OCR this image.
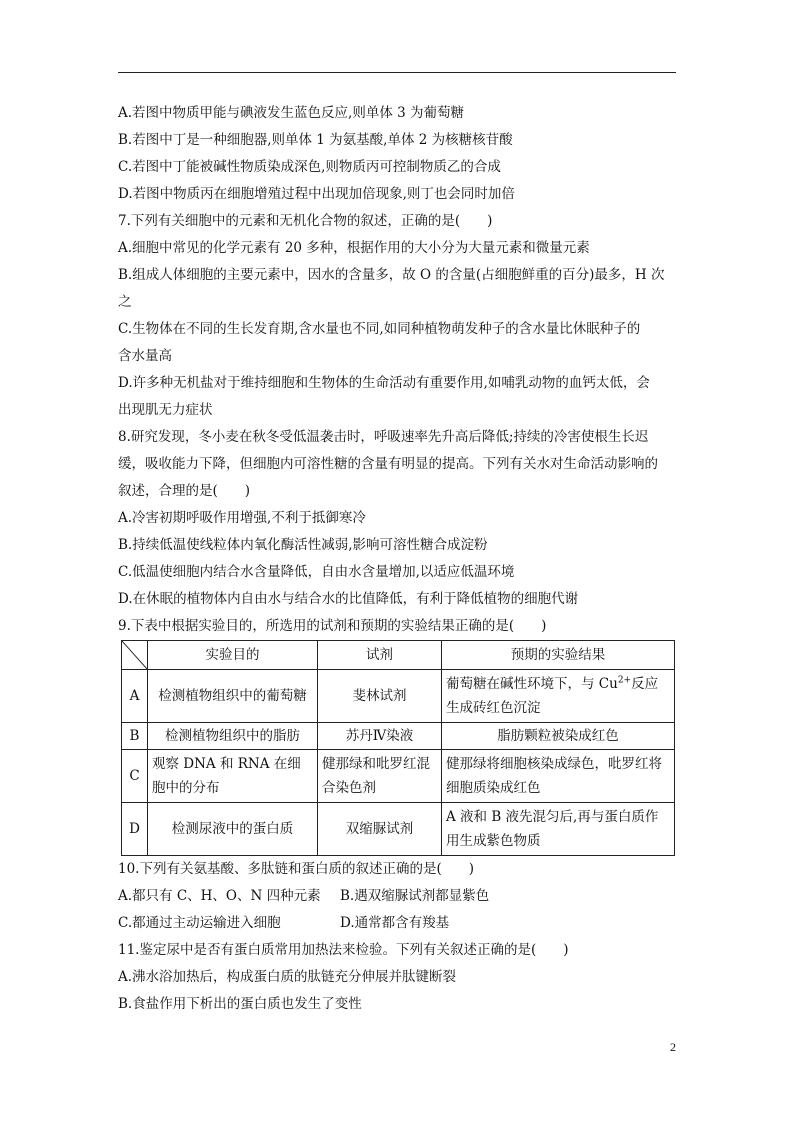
A.若图中物质甲能与碘液发生蓝色反应,则单体 3 为葡萄糖
B.若图中丁是一种细胞器,则单体 1 为氨基酸,单体 2 为核糖核苷酸
C.若图中丁能被碱性物质染成深色,则物质丙可控制物质乙的合成
D.若图中物质丙在细胞增殖过程中出现加倍现象,则丁也会同时加倍
7.下列有关细胞中的元素和无机化合物的叙述，正确的是(　　)
A.细胞中常见的化学元素有 20 多种，根据作用的大小分为大量元素和微量元素
B.组成人体细胞的主要元素中，因水的含量多，故 O 的含量(占细胞鲜重的百分)最多，H 次
之
C.生物体在不同的生长发育期,含水量也不同,如同种植物萌发种子的含水量比休眠种子的
含水量高
D.许多种无机盐对于维持细胞和生物体的生命活动有重要作用,如哺乳动物的血钙太低，会
出现肌无力症状
8.研究发现，冬小麦在秋冬受低温袭击时，呼吸速率先升高后降低;持续的冷害使根生长迟
缓，吸收能力下降，但细胞内可溶性糖的含量有明显的提高。下列有关水对生命活动影响的
叙述，合理的是(　　)
A.冷害初期呼吸作用增强,不利于抵御寒冷
B.持续低温使线粒体内氧化酶活性减弱,影响可溶性糖合成淀粉
C.低温使细胞内结合水含量降低，自由水含量增加,以适应低温环境
D.在休眠的植物体内自由水与结合水的比值降低，有利于降低植物的细胞代谢
9.下表中根据实验目的，所选用的试剂和预期的实验结果正确的是(　　)
	实验目的	试剂	预期的实验结果
A	检测植物组织中的葡萄糖	斐林试剂	葡萄糖在碱性环境下，与 $Cu^{2+}$反应生成砖红色沉淀
B	检测植物组织中的脂肪	苏丹Ⅳ染液	脂肪颗粒被染成红色
C	观察 DNA 和 RNA 在细胞中的分布	健那绿和吡罗红混合染色剂	健那绿将细胞核染成绿色，吡罗红将细胞质染成红色
D	检测尿液中的蛋白质	双缩脲试剂	A 液和 B 液先混匀后,再与蛋白质作用生成紫色物质
10.下列有关氨基酸、多肽链和蛋白质的叙述正确的是(　　)
A.都只有 C、H、O、N 四种元素	B.遇双缩脲试剂都显紫色
C.都通过主动运输进入细胞	D.通常都含有羧基
11.鉴定尿中是否有蛋白质常用加热法来检验。下列有关叙述正确的是(　　)
A.沸水浴加热后，构成蛋白质的肽链充分伸展并肽键断裂
B.食盐作用下析出的蛋白质也发生了变性
2
